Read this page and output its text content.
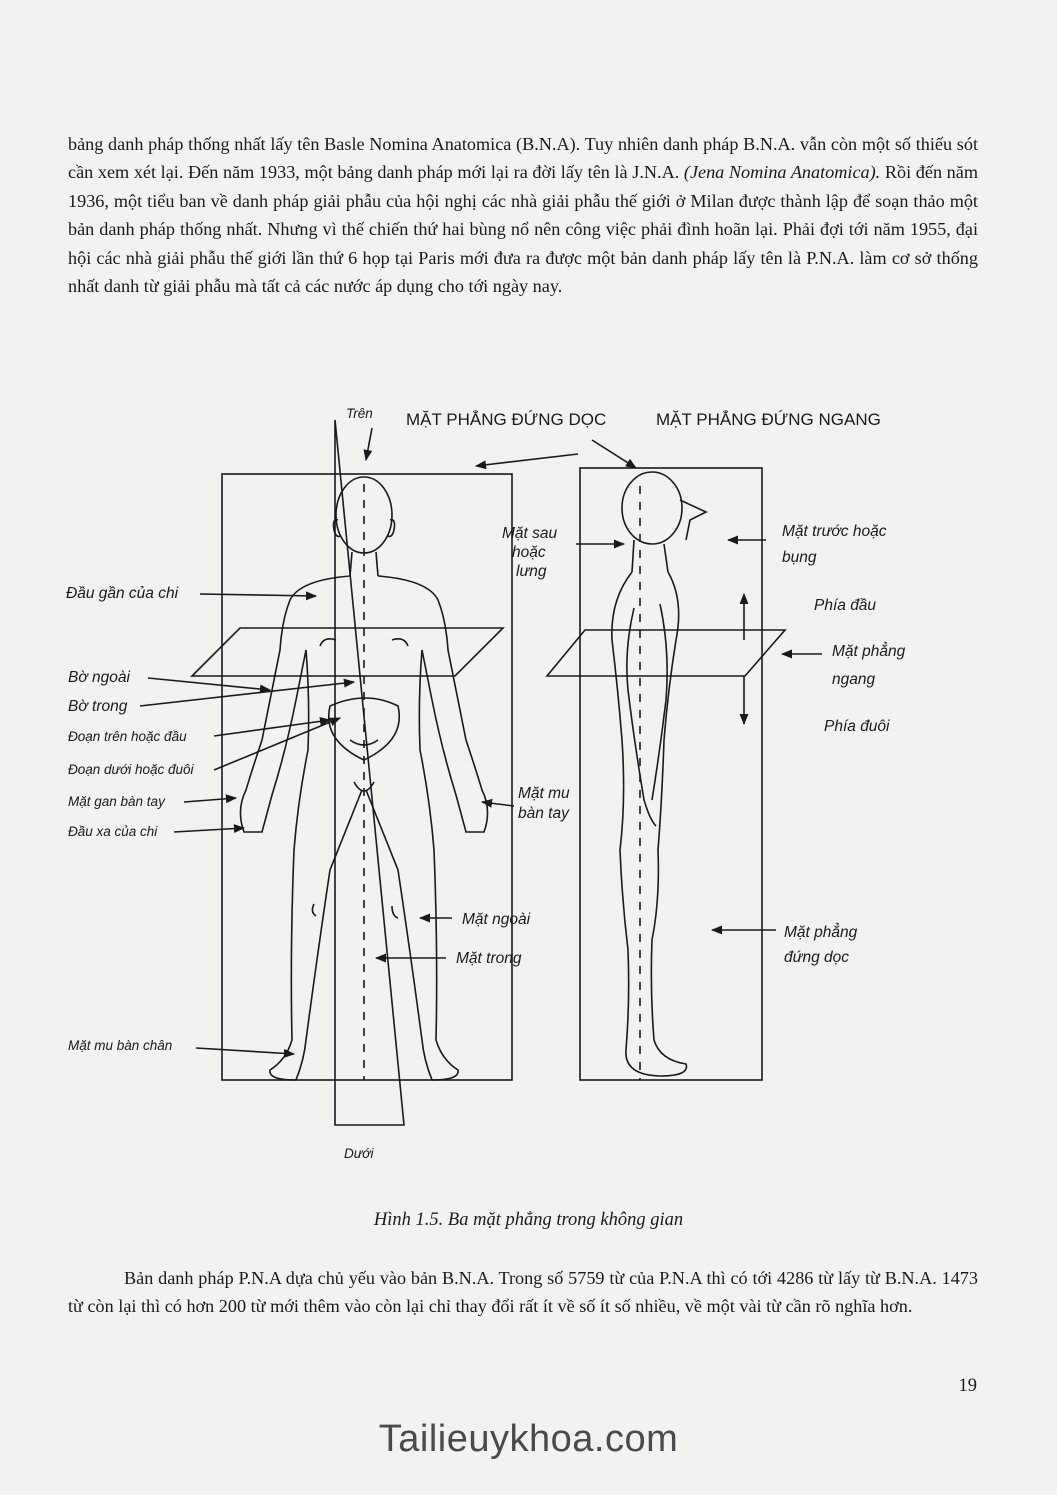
bảng danh pháp thống nhất lấy tên Basle Nomina Anatomica (B.N.A). Tuy nhiên danh pháp B.N.A. vẫn còn một số thiếu sót cần xem xét lại. Đến năm 1933, một bảng danh pháp mới lại ra đời lấy tên là J.N.A. (Jena Nomina Anatomica). Rồi đến năm 1936, một tiểu ban về danh pháp giải phẫu của hội nghị các nhà giải phẫu thế giới ở Milan được thành lập để soạn thảo một bản danh pháp thống nhất. Nhưng vì thế chiến thứ hai bùng nổ nên công việc phải đình hoãn lại. Phải đợi tới năm 1955, đại hội các nhà giải phẫu thế giới lần thứ 6 họp tại Paris mới đưa ra được một bản danh pháp lấy tên là P.N.A. làm cơ sở thống nhất danh từ giải phẫu mà tất cả các nước áp dụng cho tới ngày nay.
Trên MẶT PHẲNG ĐỨNG DỌC	MẶT PHẲNG ĐỨNG NGANG
Đầu gần của chi
Bờ ngoài
Bờ trong
Đoạn trên hoặc đầu
Đoạn dưới hoặc đuôi
Mặt gan bàn tay
Đầu xa của chi
Mặt mu bàn chân
Mặt sau
hoặc
lưng
Mặt mu
bàn tay
Mặt ngoài
Mặt trong
Mặt trước hoặc
bụng
Phía đầu
Mặt phẳng
ngang
Phía đuôi
Mặt phẳng
đứng dọc
Dưới
Hình 1.5. Ba mặt phẳng trong không gian
Bản danh pháp P.N.A dựa chủ yếu vào bản B.N.A. Trong số 5759 từ của P.N.A thì có tới 4286 từ lấy từ B.N.A. 1473 từ còn lại thì có hơn 200 từ mới thêm vào còn lại chỉ thay đổi rất ít về số ít số nhiều, về một vài từ cần rõ nghĩa hơn.
19
Tailieuykhoa.com
